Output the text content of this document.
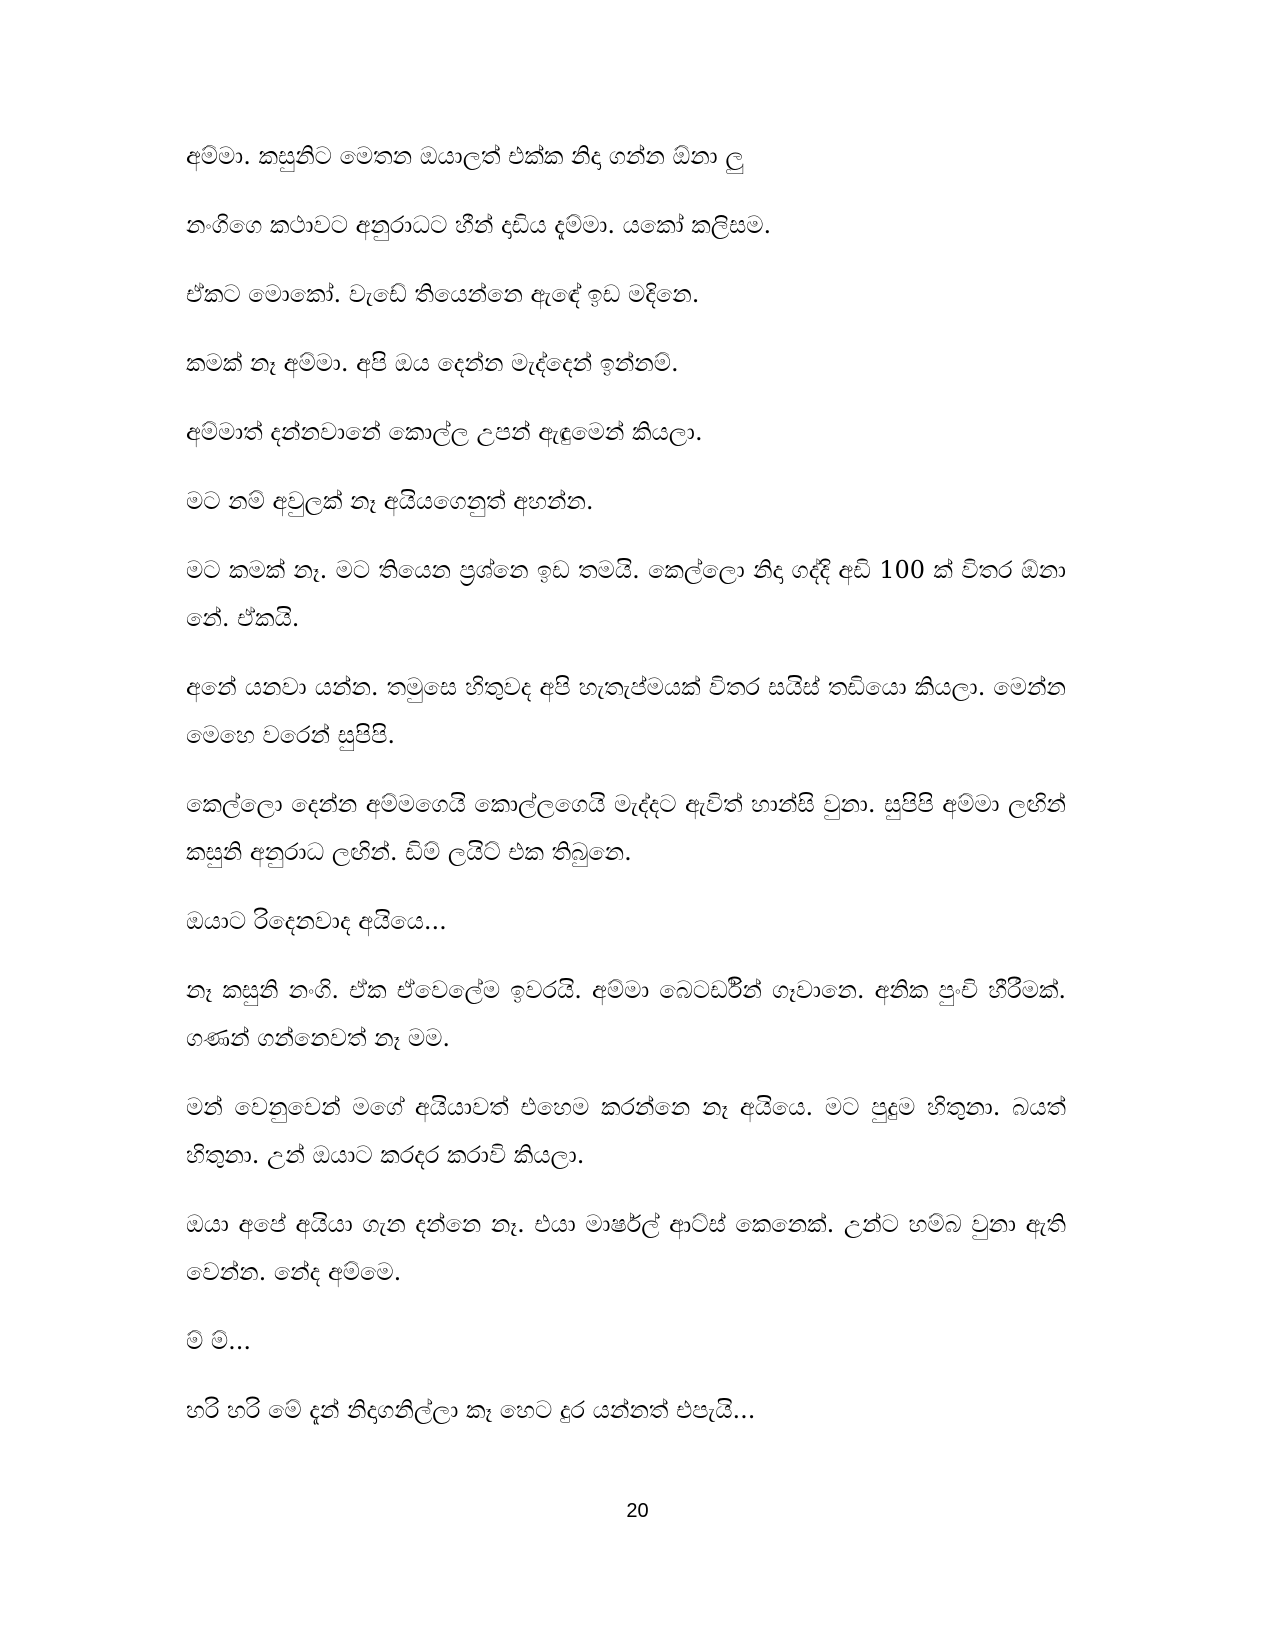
අම්මා. කසුනිට මෙතන ඔයාලත් එක්ක නිදා ගන්න ඕනා ලු

නංගිගෙ කථාවට අනුරාධට හීන් දාඩිය දැම්මා. යකෝ කලිසම.

ඒකට මොකෝ. වැඩේ තියෙන්නෙ ඇඳේ ඉඩ මදිනෙ.

කමක් නෑ අම්මා. අපි ඔය දෙන්න මැද්දෙන් ඉන්නම්.

අම්මාත් දන්නවානේ කොල්ල උපන් ඇඳුමෙන් කියලා.

මට නම් අවුලක් නෑ අයියගෙනුත් අහන්න.

මට කමක් නෑ. මට තියෙන ප්‍රශ්නෙ ඉඩ තමයි. කෙල්ලො නිදා ගද්දි අඩි 100 ක් විතර ඕනා නේ. ඒකයි.

අනේ යනවා යන්න. තමුසෙ හිතුවද අපි හැතැප්මයක් විතර සයිස් තඩියො කියලා. මෙන්න මෙහෙ වරෙන් සුපිපි.

කෙල්ලො දෙන්න අම්මගෙයි කොල්ලගෙයි මැද්දට ඇවිත් හාන්සි වුනා. සුපිපි අම්මා ලඟින් කසුනි අනුරාධ ලඟින්. ඩිම් ලයිට් එක තිබුනෙ.

ඔයාට රිදෙනවාද අයියෙ...

නෑ කසුනි නංගි. ඒක ඒවෙලේම ඉවරයි. අම්මා බෙටර්ඩින් ගෑවානෙ. අනික පුංචි හීරීමක්. ගණන් ගන්නෙවත් නෑ මම.

මන් වෙනුවෙන් මගේ අයියාවත් එහෙම කරන්නෙ නෑ අයියෙ. මට පුදුම හිතුනා. බයත් හිතුනා. උන් ඔයාට කරදර කරාවි කියලා.

ඔයා අපේ අයියා ගැන දන්නෙ නෑ. එයා මාර්ෂල් ආට්ස් කෙනෙක්. උන්ට හම්බ වුනා ඇති වෙන්න. නේද අම්මෙ.

ම් ම්...

හරි හරි මේ දැන් නිදාගනිල්ලා කෑ හෙට දුර යන්නත් එපැයි...

20
